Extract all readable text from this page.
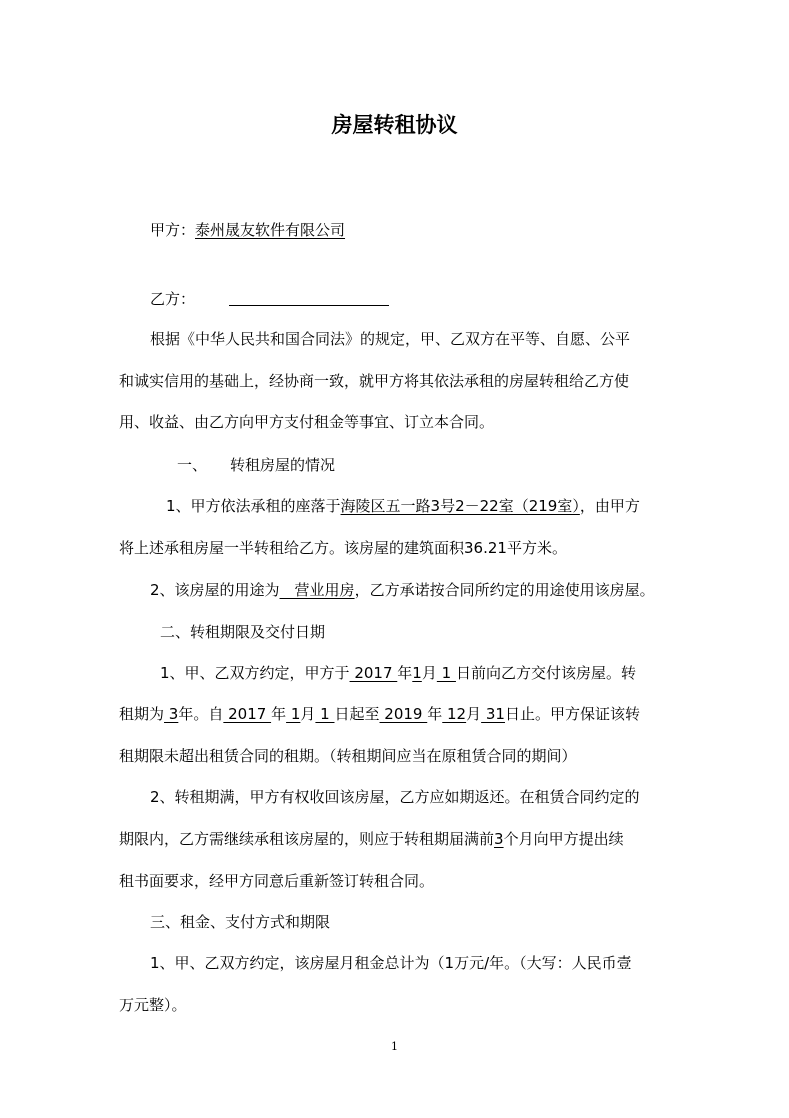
房屋转租协议
甲方：泰州晟友软件有限公司
乙方：
根据《中华人民共和国合同法》的规定，甲、乙双方在平等、自愿、公平
和诚实信用的基础上，经协商一致，就甲方将其依法承租的房屋转租给乙方使
用、收益、由乙方向甲方支付租金等事宜、订立本合同。
一、 转租房屋的情况
1、甲方依法承租的座落于海陵区五一路3号2－22室（219室），由甲方
将上述承租房屋一半转租给乙方。该房屋的建筑面积36.21平方米。
2、该房屋的用途为　营业用房，乙方承诺按合同所约定的用途使用该房屋。
二、转租期限及交付日期
1、甲、乙双方约定，甲方于 2017 年1月 1 日前向乙方交付该房屋。转
租期为 3年。自 2017 年 1月 1 日起至 2019 年 12月 31日止。甲方保证该转
租期限未超出租赁合同的租期。（转租期间应当在原租赁合同的期间）
2、转租期满，甲方有权收回该房屋，乙方应如期返还。在租赁合同约定的
期限内，乙方需继续承租该房屋的，则应于转租期届满前3个月向甲方提出续
租书面要求，经甲方同意后重新签订转租合同。
三、租金、支付方式和期限
1、甲、乙双方约定，该房屋月租金总计为（1万元/年。（大写：人民币壹
万元整）。
1
